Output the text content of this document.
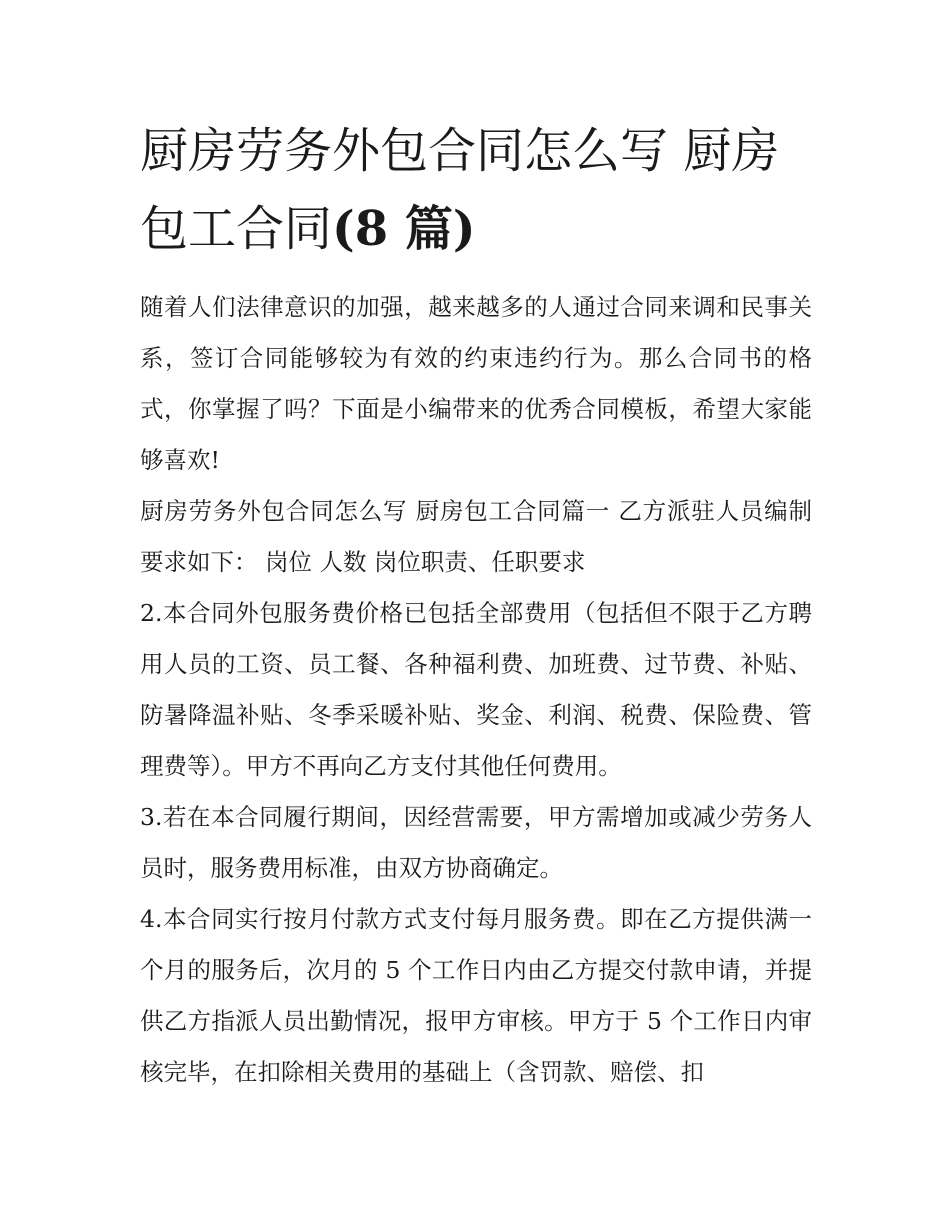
厨房劳务外包合同怎么写 厨房包工合同(8 篇)

随着人们法律意识的加强，越来越多的人通过合同来调和民事关系，签订合同能够较为有效的约束违约行为。那么合同书的格式，你掌握了吗？下面是小编带来的优秀合同模板，希望大家能够喜欢!

厨房劳务外包合同怎么写 厨房包工合同篇一 乙方派驻人员编制要求如下： 岗位 人数 岗位职责、任职要求

2.本合同外包服务费价格已包括全部费用（包括但不限于乙方聘用人员的工资、员工餐、各种福利费、加班费、过节费、补贴、防暑降温补贴、冬季采暖补贴、奖金、利润、税费、保险费、管理费等）。甲方不再向乙方支付其他任何费用。

3.若在本合同履行期间，因经营需要，甲方需增加或减少劳务人员时，服务费用标准，由双方协商确定。

4.本合同实行按月付款方式支付每月服务费。即在乙方提供满一个月的服务后，次月的 5 个工作日内由乙方提交付款申请，并提供乙方指派人员出勤情况，报甲方审核。甲方于 5 个工作日内审核完毕，在扣除相关费用的基础上（含罚款、赔偿、扣
